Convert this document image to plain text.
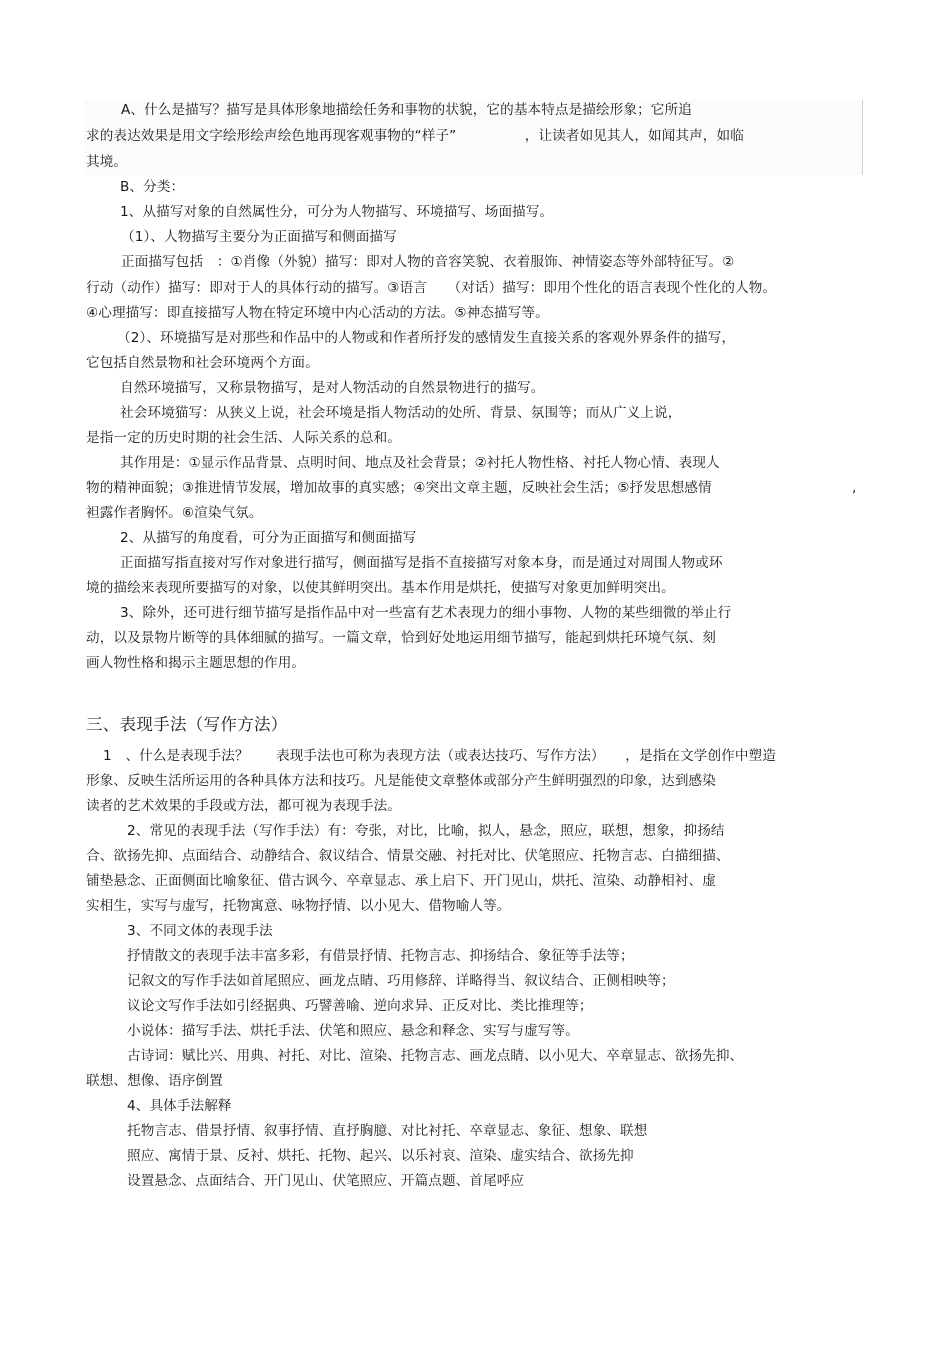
A、什么是描写？描写是具体形象地描绘任务和事物的状貌，它的基本特点是描绘形象；它所追
求的表达效果是用文字绘形绘声绘色地再现客观事物的“样子”　　　　　，让读者如见其人，如闻其声，如临
其境。
B、分类：
1、从描写对象的自然属性分，可分为人物描写、环境描写、场面描写。
（1）、人物描写主要分为正面描写和侧面描写
正面描写包括　：①肖像（外貌）描写：即对人物的音容笑貌、衣着服饰、神情姿态等外部特征写。②
行动（动作）描写：即对于人的具体行动的描写。③语言　　（对话）描写：即用个性化的语言表现个性化的人物。
④心理描写：即直接描写人物在特定环境中内心活动的方法。⑤神态描写等。
（2）、环境描写是对那些和作品中的人物或和作者所抒发的感情发生直接关系的客观外界条件的描写，
它包括自然景物和社会环境两个方面。
自然环境描写，又称景物描写，是对人物活动的自然景物进行的描写。
社会环境猫写：从狭义上说，社会环境是指人物活动的处所、背景、氛围等；而从广义上说，
是指一定的历史时期的社会生活、人际关系的总和。
其作用是：①显示作品背景、点明时间、地点及社会背景；②衬托人物性格、衬托人物心情、表现人
物的精神面貌；③推进情节发展，增加故事的真实感；④突出文章主题，反映社会生活；⑤抒发思想感情	,
袒露作者胸怀。⑥渲染气氛。
2、从描写的角度看，可分为正面描写和侧面描写
正面描写指直接对写作对象进行描写，侧面描写是指不直接描写对象本身，而是通过对周围人物或环
境的描绘来表现所要描写的对象，以使其鲜明突出。基本作用是烘托，使描写对象更加鲜明突出。
3、除外，还可进行细节描写是指作品中对一些富有艺术表现力的细小事物、人物的某些细微的举止行
动，以及景物片断等的具体细腻的描写。一篇文章，恰到好处地运用细节描写，能起到烘托环境气氛、刻
画人物性格和揭示主题思想的作用。
三、表现手法（写作方法）
1　、什么是表现手法？　　表现手法也可称为表现方法（或表达技巧、写作方法）　　，是指在文学创作中塑造
形象、反映生活所运用的各种具体方法和技巧。凡是能使文章整体或部分产生鲜明强烈的印象，达到感染
读者的艺术效果的手段或方法，都可视为表现手法。
2、常见的表现手法（写作手法）有：夸张，对比，比喻，拟人，悬念，照应，联想，想象，抑扬结
合、欲扬先抑、点面结合、动静结合、叙议结合、情景交融、衬托对比、伏笔照应、托物言志、白描细描、
铺垫悬念、正面侧面比喻象征、借古讽今、卒章显志、承上启下、开门见山，烘托、渲染、动静相衬、虚
实相生，实写与虚写，托物寓意、咏物抒情、以小见大、借物喻人等。
3、不同文体的表现手法
抒情散文的表现手法丰富多彩，有借景抒情、托物言志、抑扬结合、象征等手法等；
记叙文的写作手法如首尾照应、画龙点睛、巧用修辞、详略得当、叙议结合、正侧相映等；
议论文写作手法如引经据典、巧譬善喻、逆向求异、正反对比、类比推理等；
小说体：描写手法、烘托手法、伏笔和照应、悬念和释念、实写与虚写等。
古诗词：赋比兴、用典、衬托、对比、渲染、托物言志、画龙点睛、以小见大、卒章显志、欲扬先抑、
联想、想像、语序倒置
4、具体手法解释
托物言志、借景抒情、叙事抒情、直抒胸臆、对比衬托、卒章显志、象征、想象、联想
照应、寓情于景、反衬、烘托、托物、起兴、以乐衬哀、渲染、虚实结合、欲扬先抑
设置悬念、点面结合、开门见山、伏笔照应、开篇点题、首尾呼应
